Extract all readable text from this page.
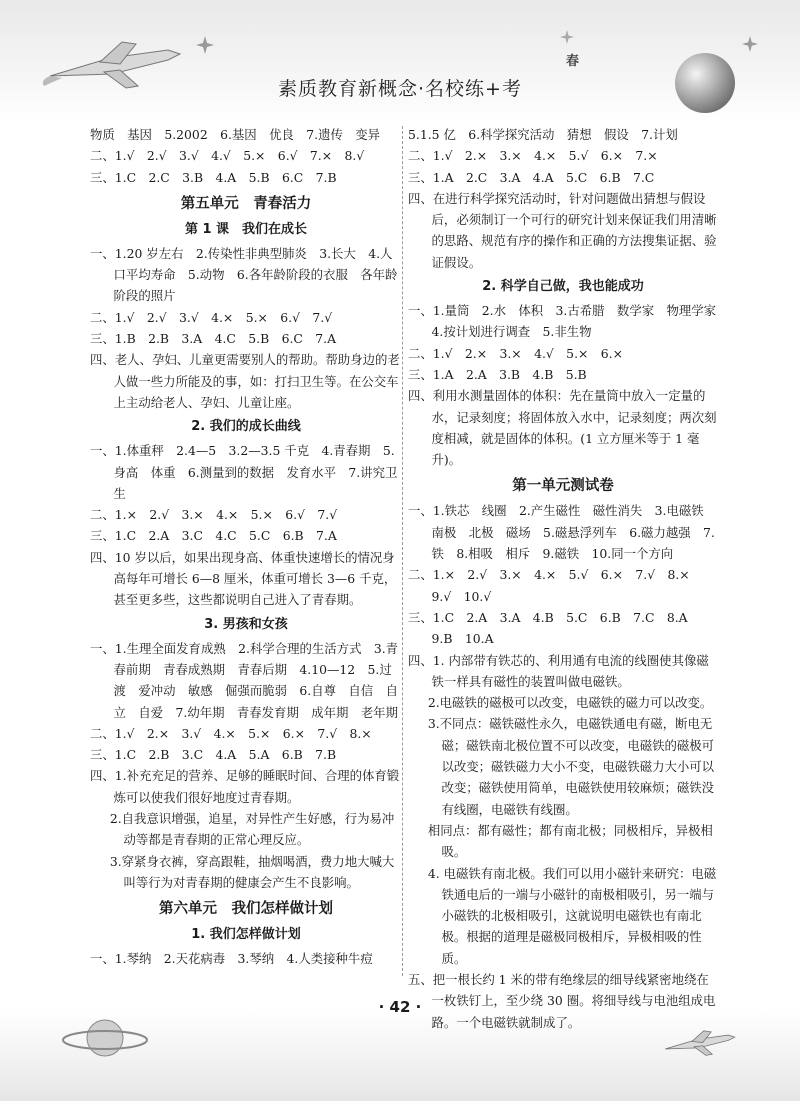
春
素质教育新概念·名校练+考
物质　基因　5.2002　6.基因　优良　7.遗传　变异
二、1.√　2.√　3.√　4.√　5.×　6.√　7.×　8.√
三、1.C　2.C　3.B　4.A　5.B　6.C　7.B
第五单元　青春活力
第 1 课　我们在成长
一、1.20 岁左右　2.传染性非典型肺炎　3.长大　4.人口平均寿命　5.动物　6.各年龄阶段的衣服　各年龄阶段的照片
二、1.√　2.√　3.√　4.×　5.×　6.√　7.√
三、1.B　2.B　3.A　4.C　5.B　6.C　7.A
四、老人、孕妇、儿童更需要别人的帮助。帮助身边的老人做一些力所能及的事，如：打扫卫生等。在公交车上主动给老人、孕妇、儿童让座。
2. 我们的成长曲线
一、1.体重秤　2.4—5　3.2—3.5 千克　4.青春期　5.身高　体重　6.测量到的数据　发育水平　7.讲究卫生
二、1.×　2.√　3.×　4.×　5.×　6.√　7.√
三、1.C　2.A　3.C　4.C　5.C　6.B　7.A
四、10 岁以后，如果出现身高、体重快速增长的情况身高每年可增长 6—8 厘米，体重可增长 3—6 千克，甚至更多些，这些都说明自己进入了青春期。
3. 男孩和女孩
一、1.生理全面发育成熟　2.科学合理的生活方式　3.青春前期　青春成熟期　青春后期　4.10—12　5.过渡　爱冲动　敏感　倔强而脆弱　6.自尊　自信　自立　自爱　7.幼年期　青春发育期　成年期　老年期
二、1.√　2.×　3.√　4.×　5.×　6.×　7.√　8.×
三、1.C　2.B　3.C　4.A　5.A　6.B　7.B
四、1.补充充足的营养、足够的睡眠时间、合理的体育锻炼可以使我们很好地度过青春期。
2.自我意识增强，追星，对异性产生好感，行为易冲动等都是青春期的正常心理反应。
3.穿紧身衣裤，穿高跟鞋，抽烟喝酒，费力地大喊大叫等行为对青春期的健康会产生不良影响。
第六单元　我们怎样做计划
1. 我们怎样做计划
一、1.琴纳　2.天花病毒　3.琴纳　4.人类接种牛痘
5.1.5 亿　6.科学探究活动　猜想　假设　7.计划
二、1.√　2.×　3.×　4.×　5.√　6.×　7.×
三、1.A　2.C　3.A　4.A　5.C　6.B　7.C
四、在进行科学探究活动时，针对问题做出猜想与假设后，必须制订一个可行的研究计划来保证我们用清晰的思路、规范有序的操作和正确的方法搜集证据、验证假设。
2. 科学自己做，我也能成功
一、1.量筒　2.水　体积　3.古希腊　数学家　物理学家　4.按计划进行调查　5.非生物
二、1.√　2.×　3.×　4.√　5.×　6.×
三、1.A　2.A　3.B　4.B　5.B
四、利用水测量固体的体积：先在量筒中放入一定量的水，记录刻度；将固体放入水中，记录刻度；两次刻度相减，就是固体的体积。(1 立方厘米等于 1 毫升)。
第一单元测试卷
一、1.铁芯　线圈　2.产生磁性　磁性消失　3.电磁铁　南极　北极　磁场　5.磁悬浮列车　6.磁力越强　7.铁　8.相吸　相斥　9.磁铁　10.同一个方向
二、1.×　2.√　3.×　4.×　5.√　6.×　7.√　8.×　9.√　10.√
三、1.C　2.A　3.A　4.B　5.C　6.B　7.C　8.A　9.B　10.A
四、1. 内部带有铁芯的、利用通有电流的线圈使其像磁铁一样具有磁性的装置叫做电磁铁。
2.电磁铁的磁极可以改变，电磁铁的磁力可以改变。
3.不同点：磁铁磁性永久，电磁铁通电有磁，断电无磁；磁铁南北极位置不可以改变，电磁铁的磁极可以改变；磁铁磁力大小不变，电磁铁磁力大小可以改变；磁铁使用简单，电磁铁使用较麻烦；磁铁没有线圈，电磁铁有线圈。
相同点：都有磁性；都有南北极；同极相斥，异极相吸。
4. 电磁铁有南北极。我们可以用小磁针来研究：电磁铁通电后的一端与小磁针的南极相吸引，另一端与小磁铁的北极相吸引，这就说明电磁铁也有南北极。根据的道理是磁极同极相斥，异极相吸的性质。
五、把一根长约 1 米的带有绝缘层的细导线紧密地绕在一枚铁钉上，至少绕 30 圈。将细导线与电池组成电路。一个电磁铁就制成了。
· 42 ·
